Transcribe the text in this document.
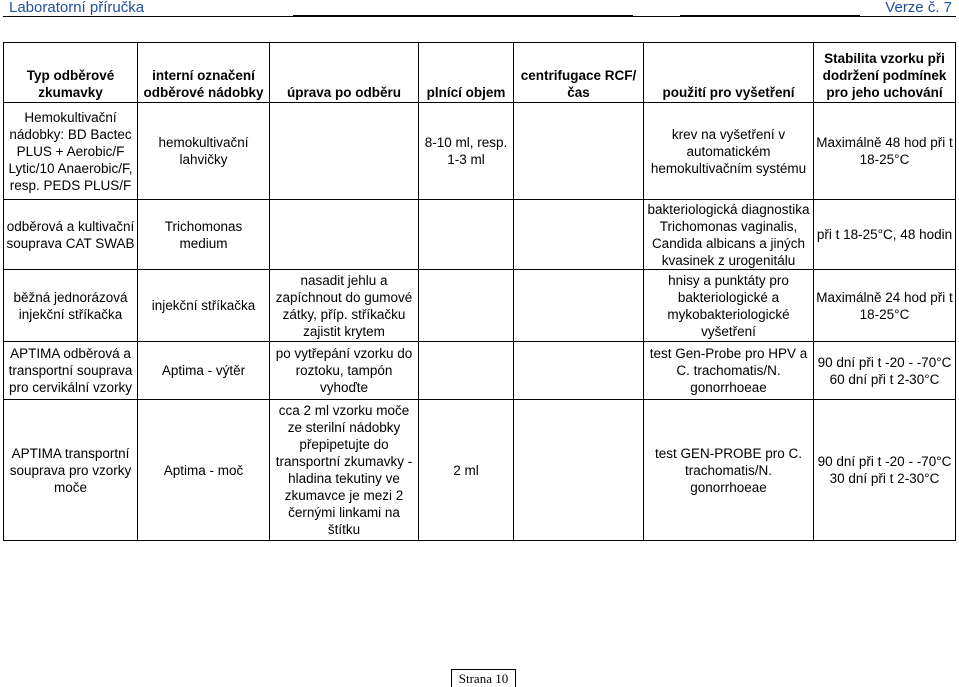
Laboratorní příručka	Verze č. 7
Typ odběrové zkumavky	interní označení odběrové nádobky	úprava po odběru	plnící objem	centrifugace RCF/čas	použití pro vyšetření	Stabilita vzorku při dodržení podmínek pro jeho uchování
Hemokultivační nádobky: BD Bactec PLUS + Aerobic/F Lytic/10 Anaerobic/F, resp. PEDS PLUS/F	hemokultivační lahvičky		8-10 ml, resp. 1-3 ml		krev na vyšetření v automatickém hemokultivačním systému	Maximálně 48 hod při t 18-25°C
odběrová a kultivační souprava CAT SWAB	Trichomonas medium				bakteriologická diagnostika Trichomonas vaginalis, Candida albicans a jiných kvasinek z urogenitálu	při t 18-25°C, 48 hodin
běžná jednorázová injekční stříkačka	injekční stříkačka	nasadit jehlu a zapíchnout do gumové zátky, příp. stříkačku zajistit krytem			hnisy a punktáty pro bakteriologické a mykobakteriologické vyšetření	Maximálně 24 hod při t 18-25°C
APTIMA odběrová a transportní souprava pro cervikální vzorky	Aptima - výtěr	po vytřepání vzorku do roztoku, tampón vyhoďte			test Gen-Probe pro HPV a C. trachomatis/N. gonorrhoeae	90 dní při t -20 - -70°C 60 dní při t 2-30°C
APTIMA transportní souprava pro vzorky moče	Aptima - moč	cca 2 ml vzorku moče ze sterilní nádobky přepipetujte do transportní zkumavky - hladina tekutiny ve zkumavce je mezi 2 černými linkami na štítku	2 ml		test GEN-PROBE pro C. trachomatis/N. gonorrhoeae	90 dní při t -20 - -70°C 30 dní při t 2-30°C
Strana 10
